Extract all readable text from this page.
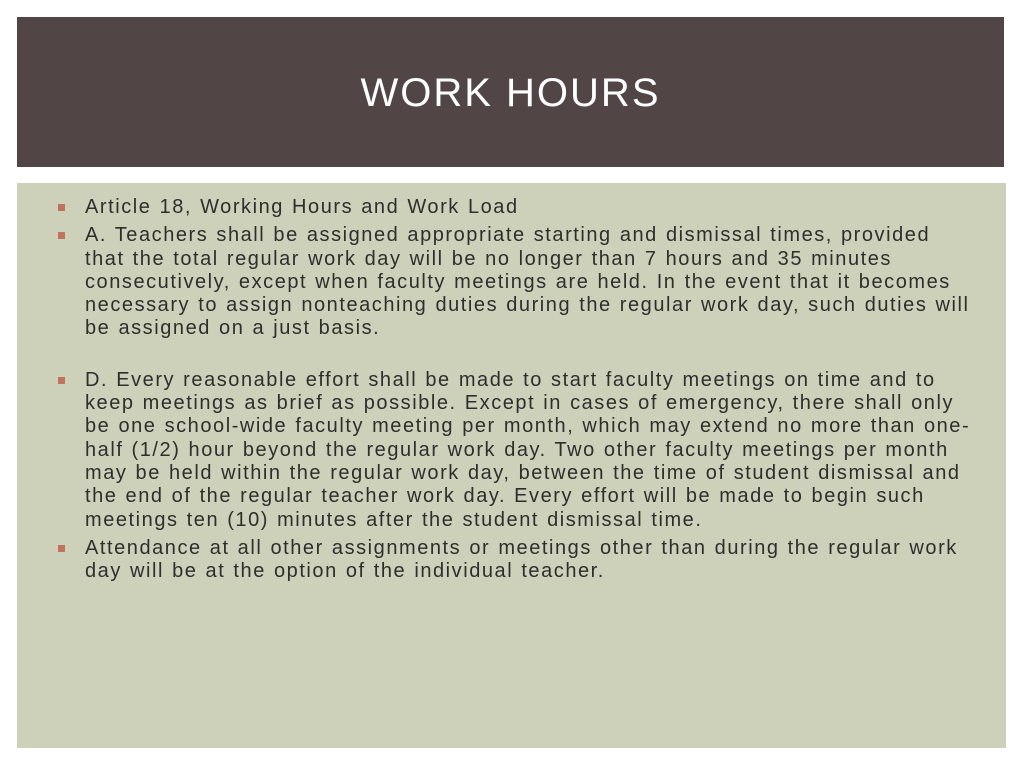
WORK HOURS
Article 18, Working Hours and Work Load
A. Teachers shall be assigned appropriate starting and dismissal times, provided that the total regular work day will be no longer than 7 hours and 35 minutes consecutively, except when faculty meetings are held. In the event that it becomes necessary to assign nonteaching duties during the regular work day, such duties will be assigned on a just basis.
D. Every reasonable effort shall be made to start faculty meetings on time and to keep meetings as brief as possible. Except in cases of emergency, there shall only be one school-wide faculty meeting per month, which may extend no more than one-half (1/2) hour beyond the regular work day. Two other faculty meetings per month may be held within the regular work day, between the time of student dismissal and the end of the regular teacher work day. Every effort will be made to begin such meetings ten (10) minutes after the student dismissal time.
Attendance at all other assignments or meetings other than during the regular work day will be at the option of the individual teacher.
